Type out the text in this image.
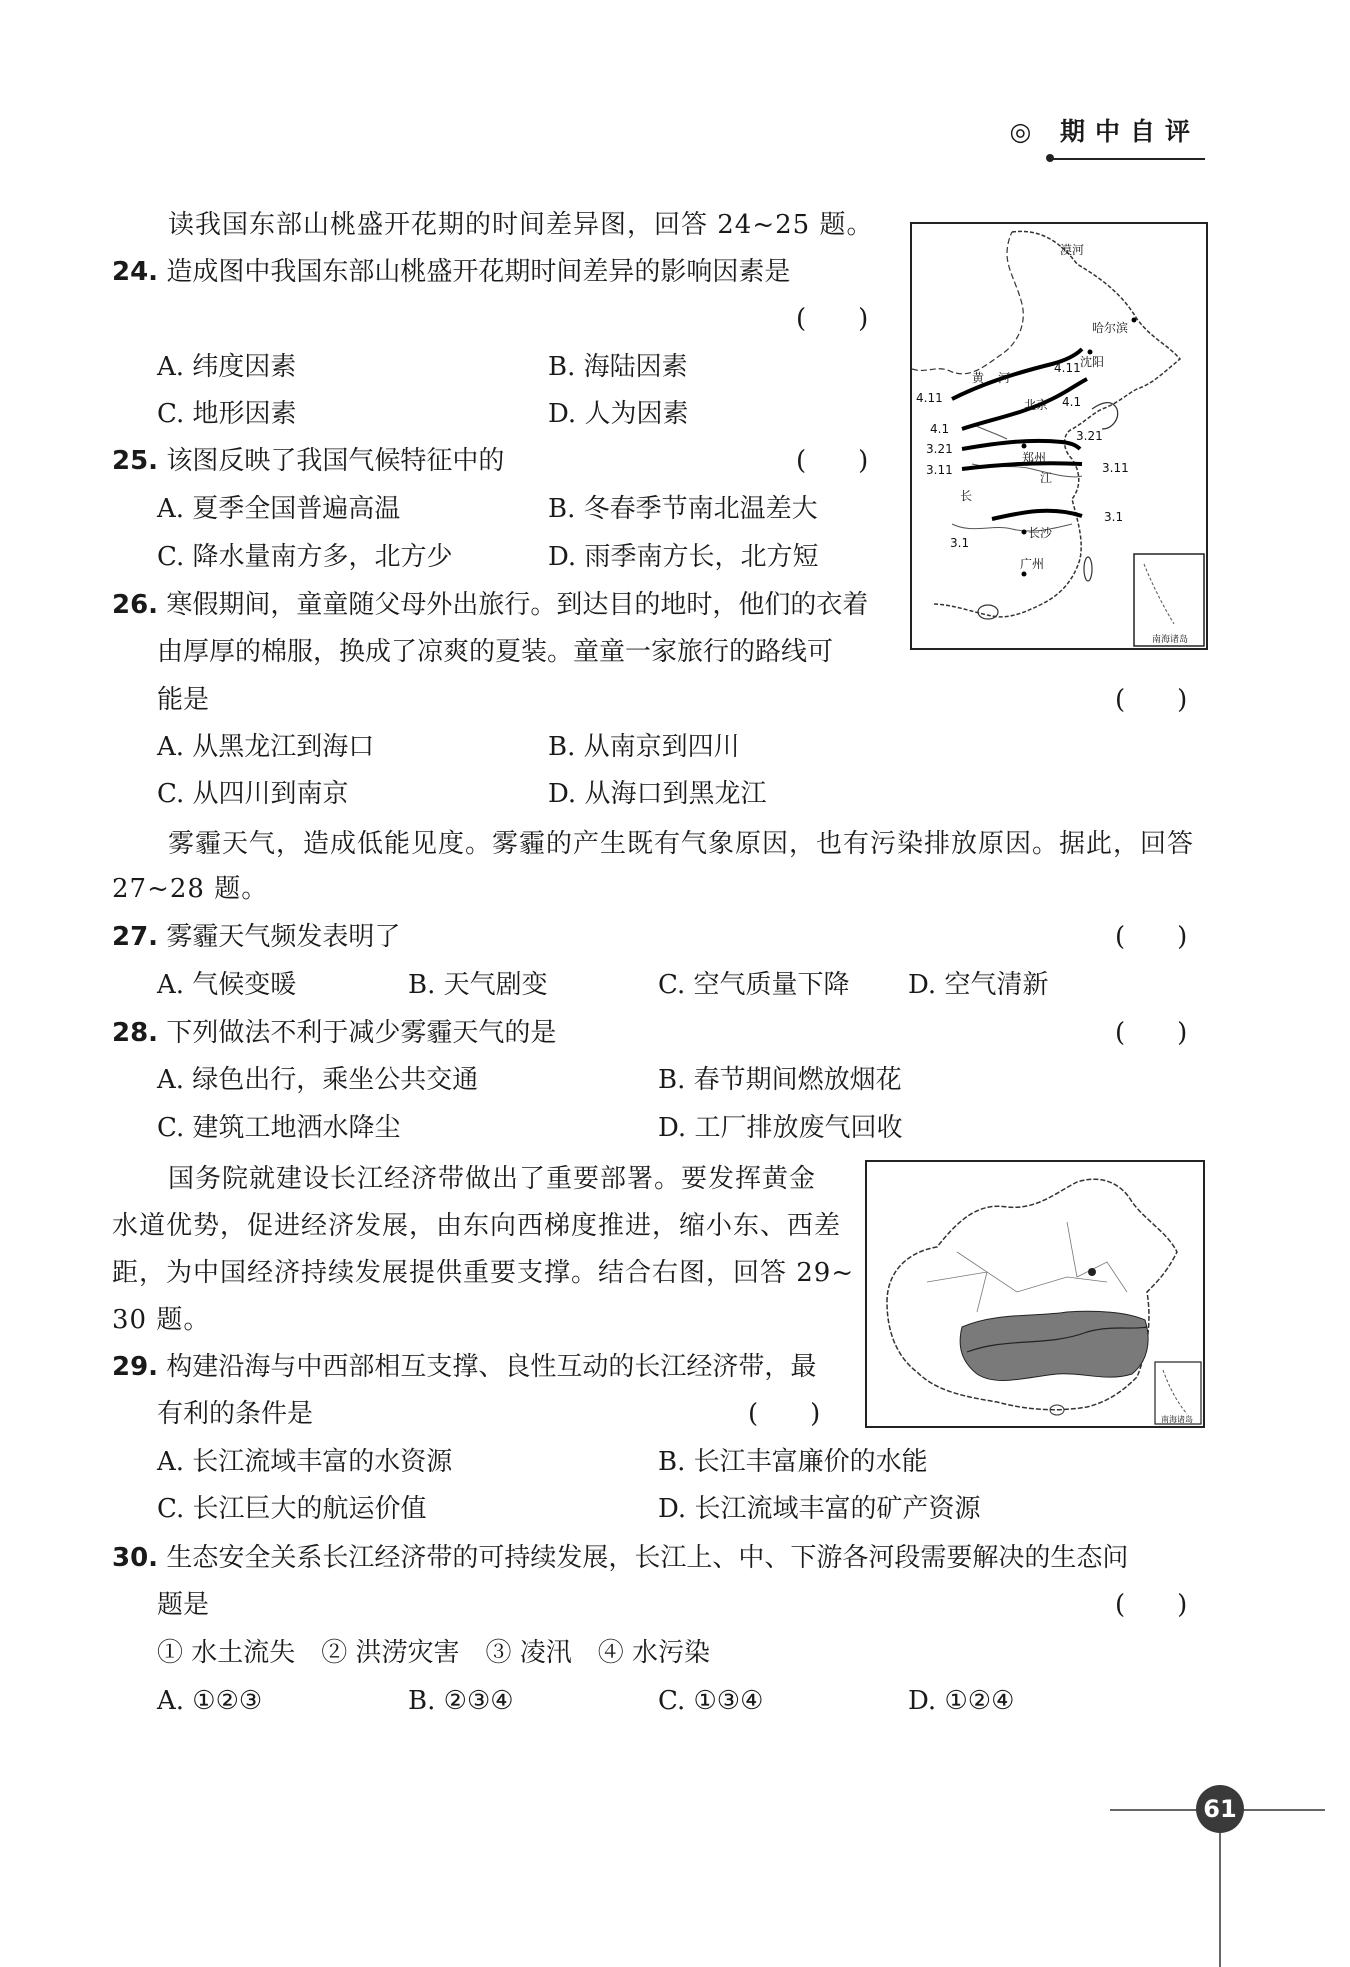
◎ 期中自评
读我国东部山桃盛开花期的时间差异图，回答 24~25 题。
24. 造成图中我国东部山桃盛开花期时间差异的影响因素是
(　　)
A. 纬度因素	B. 海陆因素
C. 地形因素	D. 人为因素
25. 该图反映了我国气候特征中的	(　　)
A. 夏季全国普遍高温	B. 冬春季节南北温差大
C. 降水量南方多，北方少	D. 雨季南方长，北方短
26. 寒假期间，童童随父母外出旅行。到达目的地时，他们的衣着
由厚厚的棉服，换成了凉爽的夏装。童童一家旅行的路线可
能是	(　　)
A. 从黑龙江到海口	B. 从南京到四川
C. 从四川到南京	D. 从海口到黑龙江
雾霾天气，造成低能见度。雾霾的产生既有气象原因，也有污染排放原因。据此，回答
27~28 题。
27. 雾霾天气频发表明了	(　　)
A. 气候变暖	B. 天气剧变	C. 空气质量下降 D. 空气清新
28. 下列做法不利于减少雾霾天气的是	(　　)
A. 绿色出行，乘坐公共交通	B. 春节期间燃放烟花
C. 建筑工地洒水降尘	D. 工厂排放废气回收
国务院就建设长江经济带做出了重要部署。要发挥黄金
水道优势，促进经济发展，由东向西梯度推进，缩小东、西差
距，为中国经济持续发展提供重要支撑。结合右图，回答 29~
30 题。
29. 构建沿海与中西部相互支撑、良性互动的长江经济带，最
有利的条件是	(　　)
A. 长江流域丰富的水资源	B. 长江丰富廉价的水能
C. 长江巨大的航运价值	D. 长江流域丰富的矿产资源
30. 生态安全关系长江经济带的可持续发展，长江上、中、下游各河段需要解决的生态问
题是	(　　)
① 水土流失　② 洪涝灾害　③ 凌汛　④ 水污染
A. ①②③	B. ②③④	C. ①③④	D. ①②④
4.11
4.11
4.1
4.1
3.21
3.21
3.11	3.11
3.1
3.1
漠河
哈尔滨
沈阳
北京
郑州
长沙
广州
黄 河
长
江
南海诸岛
南海诸岛
61
